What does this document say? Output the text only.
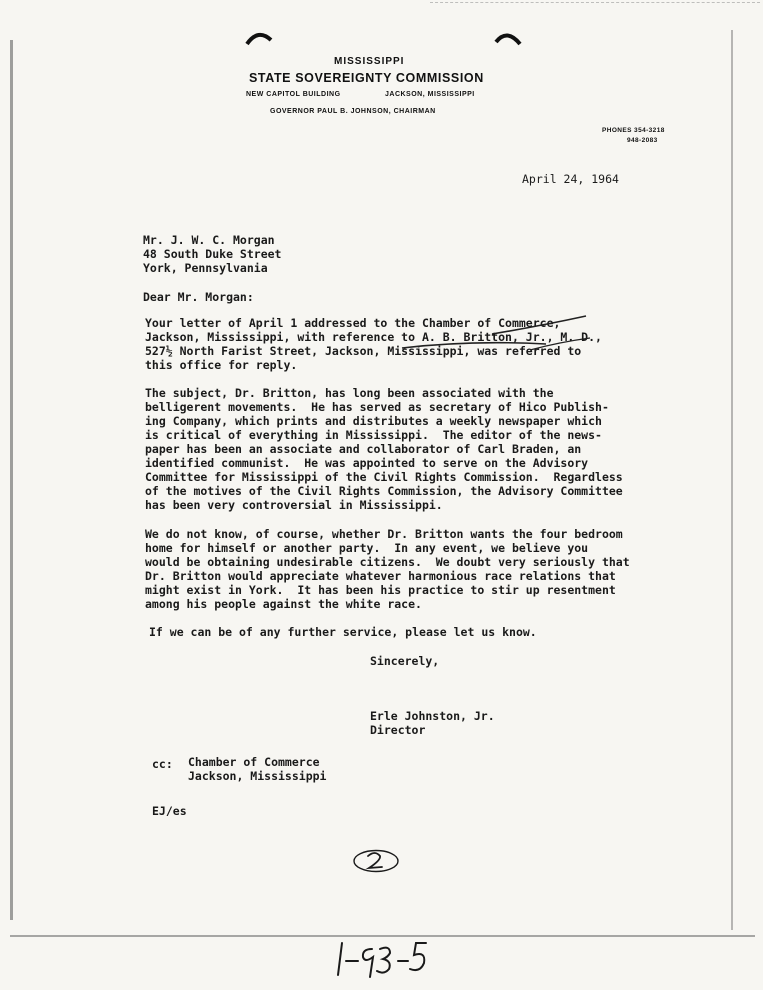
MISSISSIPPI
STATE SOVEREIGNTY COMMISSION
NEW CAPITOL BUILDING	JACKSON, MISSISSIPPI
GOVERNOR PAUL B. JOHNSON, CHAIRMAN
PHONES 354-3218
948-2083
April 24, 1964
Mr. J. W. C. Morgan
48 South Duke Street
York, Pennsylvania
Dear Mr. Morgan:
Your letter of April 1 addressed to the Chamber of Commerce,
Jackson, Mississippi, with reference to A. B. Britton, Jr., M. D.,
527½ North Farist Street, Jackson, Mississippi, was referred to
this office for reply.
The subject, Dr. Britton, has long been associated with the
belligerent movements.  He has served as secretary of Hico Publish-
ing Company, which prints and distributes a weekly newspaper which
is critical of everything in Mississippi.  The editor of the news-
paper has been an associate and collaborator of Carl Braden, an
identified communist.  He was appointed to serve on the Advisory
Committee for Mississippi of the Civil Rights Commission.  Regardless
of the motives of the Civil Rights Commission, the Advisory Committee
has been very controversial in Mississippi.
We do not know, of course, whether Dr. Britton wants the four bedroom
home for himself or another party.  In any event, we believe you
would be obtaining undesirable citizens.  We doubt very seriously that
Dr. Britton would appreciate whatever harmonious race relations that
might exist in York.  It has been his practice to stir up resentment
among his people against the white race.
If we can be of any further service, please let us know.
Sincerely,
Erle Johnston, Jr.
Director
cc: Chamber of Commerce
Jackson, Mississippi
EJ/es
